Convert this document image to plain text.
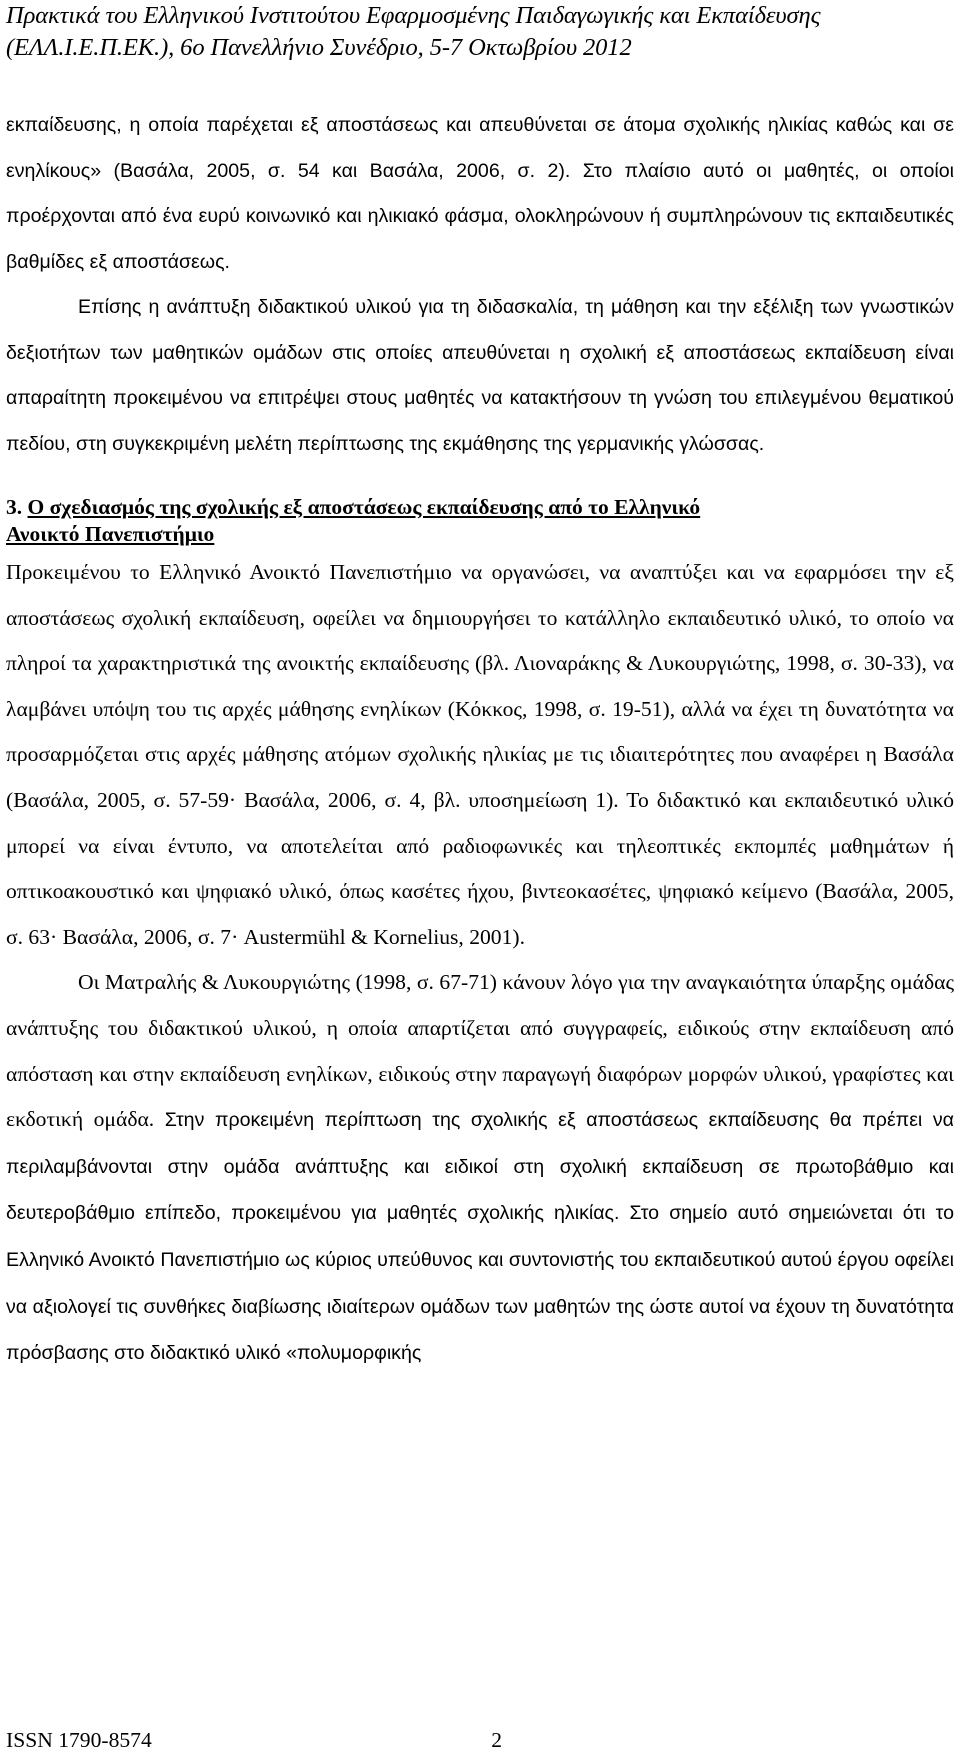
Πρακτικά του Ελληνικού Ινστιτούτου Εφαρμοσμένης Παιδαγωγικής και Εκπαίδευσης
(ΕΛΛ.Ι.Ε.Π.ΕΚ.), 6ο Πανελλήνιο Συνέδριο, 5-7 Οκτωβρίου 2012

εκπαίδευσης, η οποία παρέχεται εξ αποστάσεως και απευθύνεται σε άτομα σχολικής ηλικίας καθώς και σε ενηλίκους» (Βασάλα, 2005, σ. 54 και Βασάλα, 2006, σ. 2). Στο πλαίσιο αυτό οι μαθητές, οι οποίοι προέρχονται από ένα ευρύ κοινωνικό και ηλικιακό φάσμα, ολοκληρώνουν ή συμπληρώνουν τις εκπαιδευτικές βαθμίδες εξ αποστάσεως.

Επίσης η ανάπτυξη διδακτικού υλικού για τη διδασκαλία, τη μάθηση και την εξέλιξη των γνωστικών δεξιοτήτων των μαθητικών ομάδων στις οποίες απευθύνεται η σχολική εξ αποστάσεως εκπαίδευση είναι απαραίτητη προκειμένου να επιτρέψει στους μαθητές να κατακτήσουν τη γνώση του επιλεγμένου θεματικού πεδίου, στη συγκεκριμένη μελέτη περίπτωσης της εκμάθησης της γερμανικής γλώσσας.

3. Ο σχεδιασμός της σχολικής εξ αποστάσεως εκπαίδευσης από το Ελληνικό
Ανοικτό Πανεπιστήμιο

Προκειμένου το Ελληνικό Ανοικτό Πανεπιστήμιο να οργανώσει, να αναπτύξει και να εφαρμόσει την εξ αποστάσεως σχολική εκπαίδευση, οφείλει να δημιουργήσει το κατάλληλο εκπαιδευτικό υλικό, το οποίο να πληροί τα χαρακτηριστικά της ανοικτής εκπαίδευσης (βλ. Λιοναράκης & Λυκουργιώτης, 1998, σ. 30-33), να λαμβάνει υπόψη του τις αρχές μάθησης ενηλίκων (Κόκκος, 1998, σ. 19-51), αλλά να έχει τη δυνατότητα να προσαρμόζεται στις αρχές μάθησης ατόμων σχολικής ηλικίας με τις ιδιαιτερότητες που αναφέρει η Βασάλα (Βασάλα, 2005, σ. 57-59· Βασάλα, 2006, σ. 4, βλ. υποσημείωση 1). Το διδακτικό και εκπαιδευτικό υλικό μπορεί να είναι έντυπο, να αποτελείται από ραδιοφωνικές και τηλεοπτικές εκπομπές μαθημάτων ή οπτικοακουστικό και ψηφιακό υλικό, όπως κασέτες ήχου, βιντεοκασέτες, ψηφιακό κείμενο (Βασάλα, 2005, σ. 63· Βασάλα, 2006, σ. 7· Austermühl & Kornelius, 2001).

Οι Ματραλής & Λυκουργιώτης (1998, σ. 67-71) κάνουν λόγο για την αναγκαιότητα ύπαρξης ομάδας ανάπτυξης του διδακτικού υλικού, η οποία απαρτίζεται από συγγραφείς, ειδικούς στην εκπαίδευση από απόσταση και στην εκπαίδευση ενηλίκων, ειδικούς στην παραγωγή διαφόρων μορφών υλικού, γραφίστες και εκδοτική ομάδα. Στην προκειμένη περίπτωση της σχολικής εξ αποστάσεως εκπαίδευσης θα πρέπει να περιλαμβάνονται στην ομάδα ανάπτυξης και ειδικοί στη σχολική εκπαίδευση σε πρωτοβάθμιο και δευτεροβάθμιο επίπεδο, προκειμένου για μαθητές σχολικής ηλικίας. Στο σημείο αυτό σημειώνεται ότι το Ελληνικό Ανοικτό Πανεπιστήμιο ως κύριος υπεύθυνος και συντονιστής του εκπαιδευτικού αυτού έργου οφείλει να αξιολογεί τις συνθήκες διαβίωσης ιδιαίτερων ομάδων των μαθητών της ώστε αυτοί να έχουν τη δυνατότητα πρόσβασης στο διδακτικό υλικό «πολυμορφικής

ISSN 1790-8574	2
